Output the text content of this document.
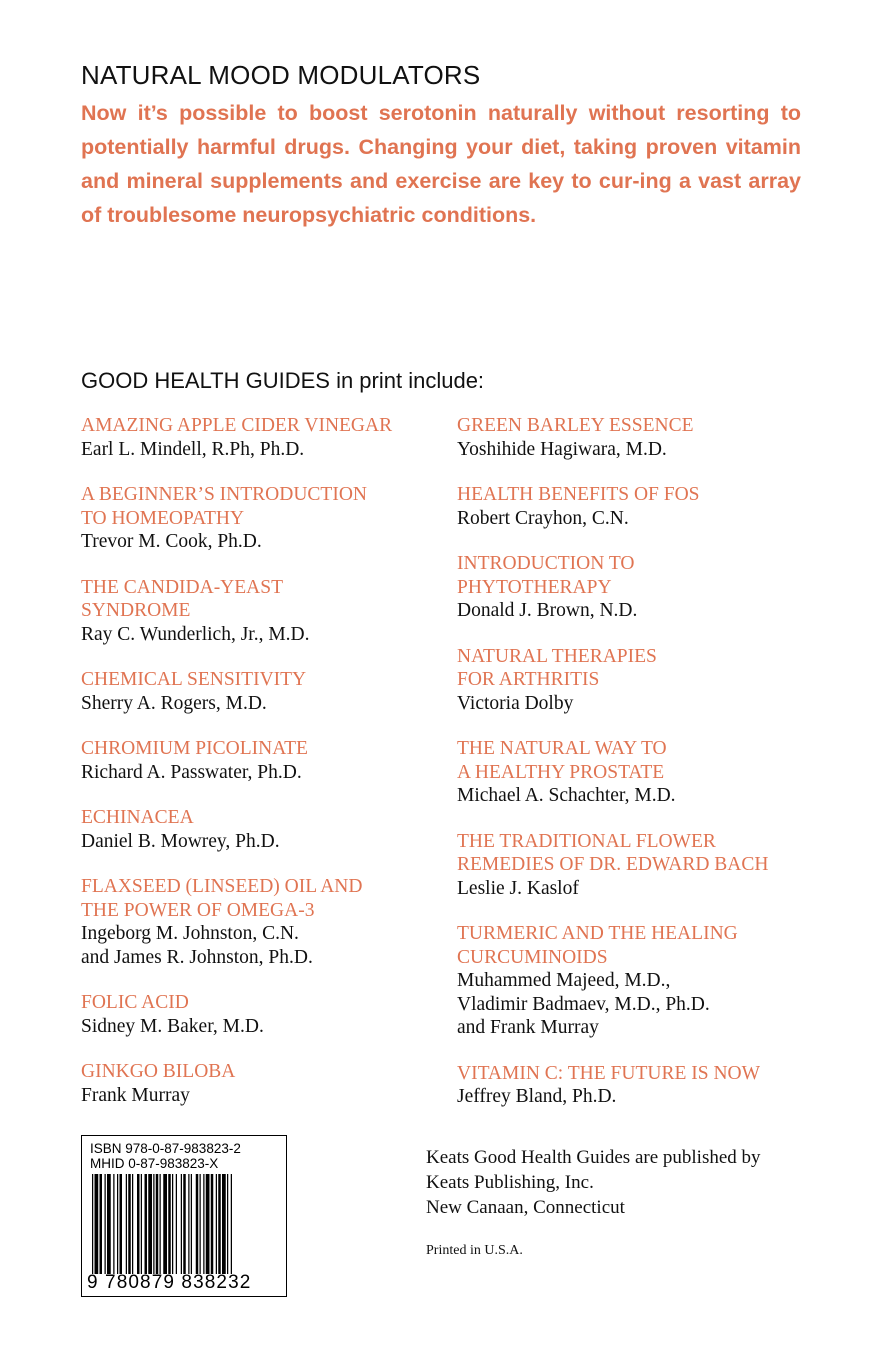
NATURAL MOOD MODULATORS

Now it’s possible to boost serotonin naturally without resorting to potentially harmful drugs. Changing your diet, taking proven vitamin and mineral supplements and exercise are key to cur-ing a vast array of troublesome neuropsychiatric conditions.

GOOD HEALTH GUIDES in print include:
AMAZING APPLE CIDER VINEGAR
Earl L. Mindell, R.Ph, Ph.D.
A BEGINNER’S INTRODUCTION
TO HOMEOPATHY
Trevor M. Cook, Ph.D.
THE CANDIDA-YEAST
SYNDROME
Ray C. Wunderlich, Jr., M.D.
CHEMICAL SENSITIVITY
Sherry A. Rogers, M.D.
CHROMIUM PICOLINATE
Richard A. Passwater, Ph.D.
ECHINACEA
Daniel B. Mowrey, Ph.D.
FLAXSEED (LINSEED) OIL AND
THE POWER OF OMEGA-3
Ingeborg M. Johnston, C.N.
and James R. Johnston, Ph.D.
FOLIC ACID
Sidney M. Baker, M.D.
GINKGO BILOBA
Frank Murray
GREEN BARLEY ESSENCE
Yoshihide Hagiwara, M.D.
HEALTH BENEFITS OF FOS
Robert Crayhon, C.N.
INTRODUCTION TO
PHYTOTHERAPY
Donald J. Brown, N.D.
NATURAL THERAPIES
FOR ARTHRITIS
Victoria Dolby
THE NATURAL WAY TO
A HEALTHY PROSTATE
Michael A. Schachter, M.D.
THE TRADITIONAL FLOWER
REMEDIES OF DR. EDWARD BACH
Leslie J. Kaslof
TURMERIC AND THE HEALING
CURCUMINOIDS
Muhammed Majeed, M.D.,
Vladimir Badmaev, M.D., Ph.D.
and Frank Murray
VITAMIN C: THE FUTURE IS NOW
Jeffrey Bland, Ph.D.
ISBN 978-0-87-983823-2
MHID 0-87-983823-X
9 780879 838232

Keats Good Health Guides are published by
Keats Publishing, Inc.
New Canaan, Connecticut

Printed in U.S.A.
